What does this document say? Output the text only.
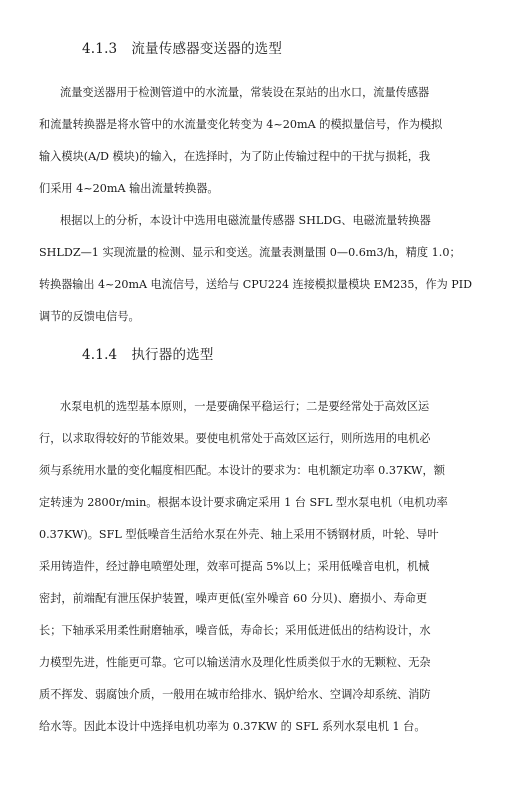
4.1.3 流量传感器变送器的选型
流量变送器用于检测管道中的水流量，常装设在泵站的出水口，流量传感器
和流量转换器是将水管中的水流量变化转变为 4~20mA 的模拟量信号，作为模拟
输入模块(A/D 模块)的输入，在选择时，为了防止传输过程中的干扰与损耗，我
们采用 4~20mA 输出流量转换器。
根据以上的分析，本设计中选用电磁流量传感器 SHLDG、电磁流量转换器
SHLDZ—1 实现流量的检测、显示和变送。流量表测量围 0—0.6m3/h，精度 1.0；
转换器输出 4~20mA 电流信号，送给与 CPU224 连接模拟量模块 EM235，作为 PID
调节的反馈电信号。
4.1.4 执行器的选型
水泵电机的选型基本原则，一是要确保平稳运行；二是要经常处于高效区运
行，以求取得较好的节能效果。要使电机常处于高效区运行，则所选用的电机必
须与系统用水量的变化幅度相匹配。本设计的要求为：电机额定功率 0.37KW，额
定转速为 2800r/min。根据本设计要求确定采用 1 台 SFL 型水泵电机（电机功率
0.37KW)。SFL 型低噪音生活给水泵在外壳、轴上采用不锈钢材质，叶轮、导叶
采用铸造件，经过静电喷塑处理，效率可提高 5%以上；采用低噪音电机，机械
密封，前端配有泄压保护装置，噪声更低(室外噪音 60 分贝)、磨损小、寿命更
长；下轴承采用柔性耐磨轴承，噪音低，寿命长；采用低进低出的结构设计，水
力模型先进，性能更可靠。它可以输送清水及理化性质类似于水的无颗粒、无杂
质不挥发、弱腐蚀介质，一般用在城市给排水、锅炉给水、空调冷却系统、消防
给水等。因此本设计中选择电机功率为 0.37KW 的 SFL 系列水泵电机 1 台。
